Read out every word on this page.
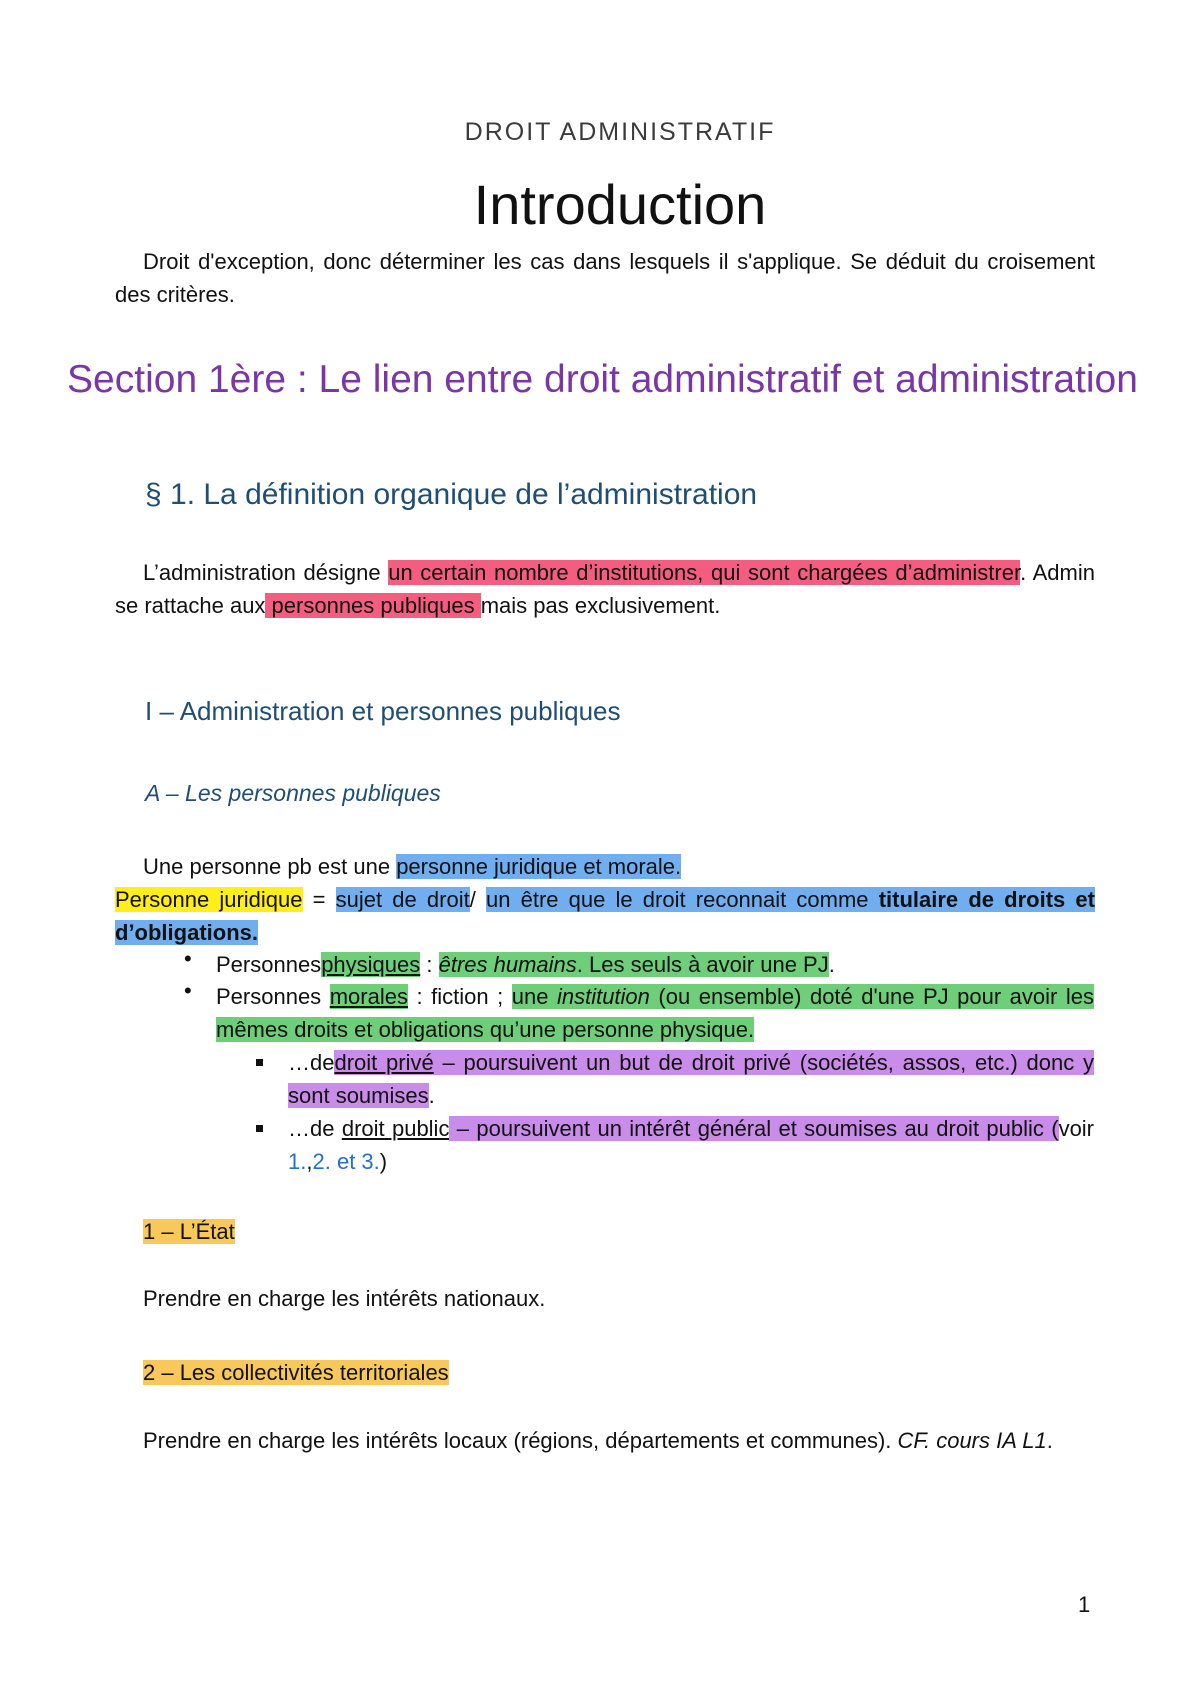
DROIT ADMINISTRATIF
Introduction

Droit d'exception, donc déterminer les cas dans lesquels il s'applique. Se déduit du croisement des critères.

Section 1ère : Le lien entre droit administratif et administration
§ 1. La définition organique de l’administration

L’administration désigne un certain nombre d’institutions, qui sont chargées d’administrer. Admin se rattache aux personnes publiques mais pas exclusivement.

I – Administration et personnes publiques
A – Les personnes publiques

Une personne pb est une personne juridique et morale.
Personne juridique = sujet de droit/ un être que le droit reconnait comme titulaire de droits et d’obligations.

• Personnesphysiques : êtres humains. Les seuls à avoir une PJ.

• Personnes morales : fiction ; une institution (ou ensemble) doté d'une PJ pour avoir les mêmes droits et obligations qu’une personne physique.

…dedroit privé – poursuivent un but de droit privé (sociétés, assos, etc.) donc y sont soumises.

…de droit public – poursuivent un intérêt général et soumises au droit public (voir 1.,2. et 3.)

1 – L’État
Prendre en charge les intérêts nationaux.
2 – Les collectivités territoriales

Prendre en charge les intérêts locaux (régions, départements et communes). CF. cours IA L1.

1
